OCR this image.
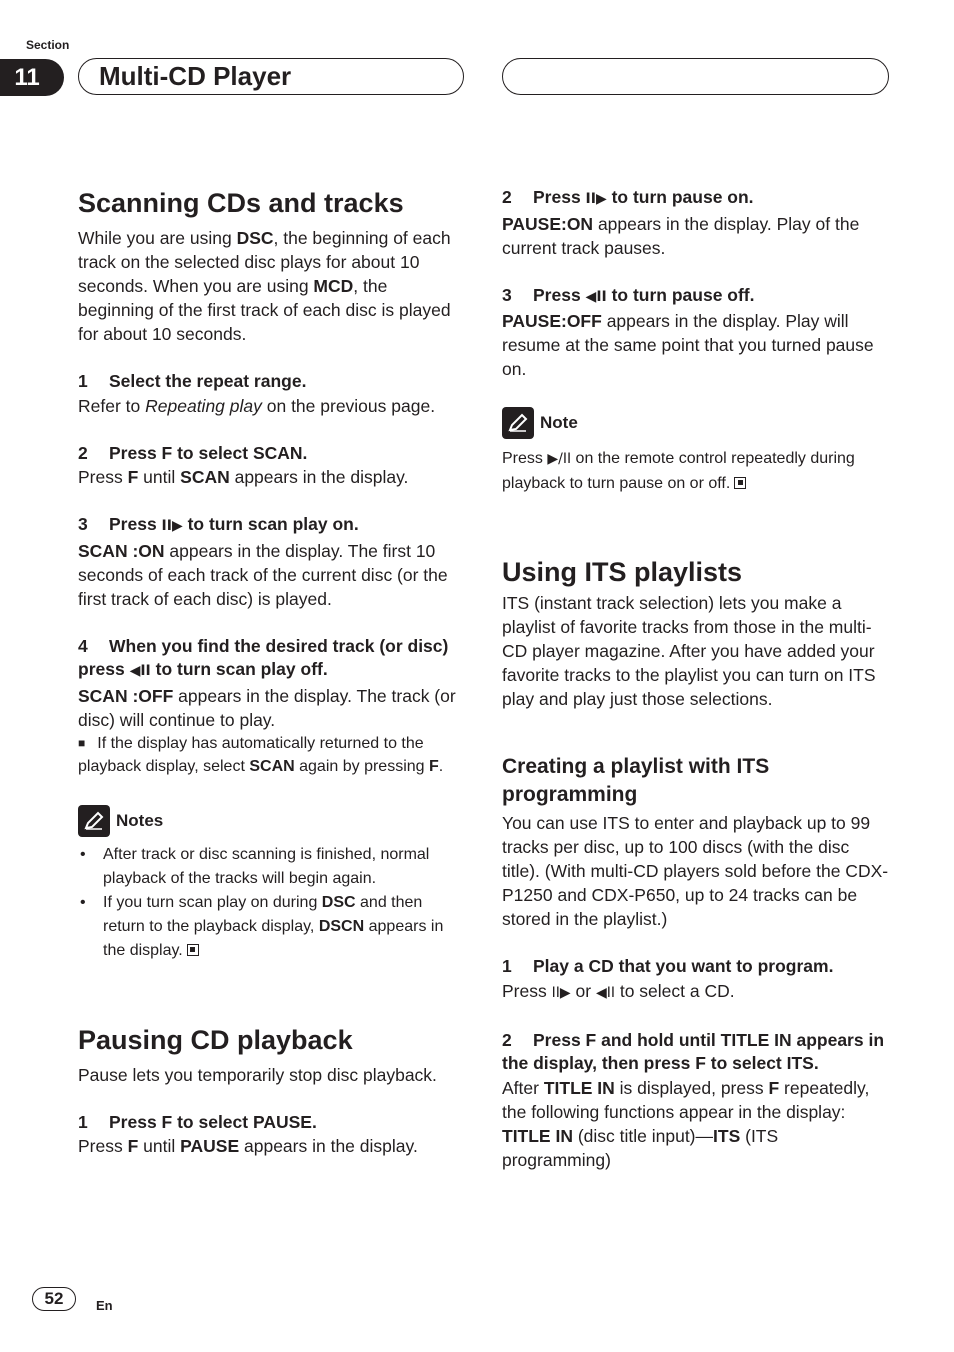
Section
11	Multi-CD Player
Scanning CDs and tracks

While you are using DSC, the beginning of each track on the selected disc plays for about 10 seconds. When you are using MCD, the beginning of the first track of each disc is played for about 10 seconds.

1 Select the repeat range.

Refer to Repeating play on the previous page.

2 Press F to select SCAN.

Press F until SCAN appears in the display.

3 Press II▶ to turn scan play on.

SCAN :ON appears in the display. The first 10 seconds of each track of the current disc (or the first track of each disc) is played.

4 When you find the desired track (or disc) press ◀II to turn scan play off.

SCAN :OFF appears in the display. The track (or disc) will continue to play.

■ If the display has automatically returned to the playback display, select SCAN again by pressing F.

Notes
• After track or disc scanning is finished, normal playback of the tracks will begin again.
• If you turn scan play on during DSC and then return to the playback display, DSCN appears in the display.
Pausing CD playback

Pause lets you temporarily stop disc playback.

1 Press F to select PAUSE.

Press F until PAUSE appears in the display.

2 Press II▶ to turn pause on.

PAUSE:ON appears in the display. Play of the current track pauses.

3 Press ◀II to turn pause off.

PAUSE:OFF appears in the display. Play will resume at the same point that you turned pause on.

Note

Press ▶/II on the remote control repeatedly during playback to turn pause on or off.

Using ITS playlists

ITS (instant track selection) lets you make a playlist of favorite tracks from those in the multi-CD player magazine. After you have added your favorite tracks to the playlist you can turn on ITS play and play just those selections.

Creating a playlist with ITS programming

You can use ITS to enter and playback up to 99 tracks per disc, up to 100 discs (with the disc title). (With multi-CD players sold before the CDX-P1250 and CDX-P650, up to 24 tracks can be stored in the playlist.)

1 Play a CD that you want to program.

Press II▶ or ◀II to select a CD.

2 Press F and hold until TITLE IN appears in the display, then press F to select ITS.

After TITLE IN is displayed, press F repeatedly, the following functions appear in the display: TITLE IN (disc title input)—ITS (ITS programming)

52	En
